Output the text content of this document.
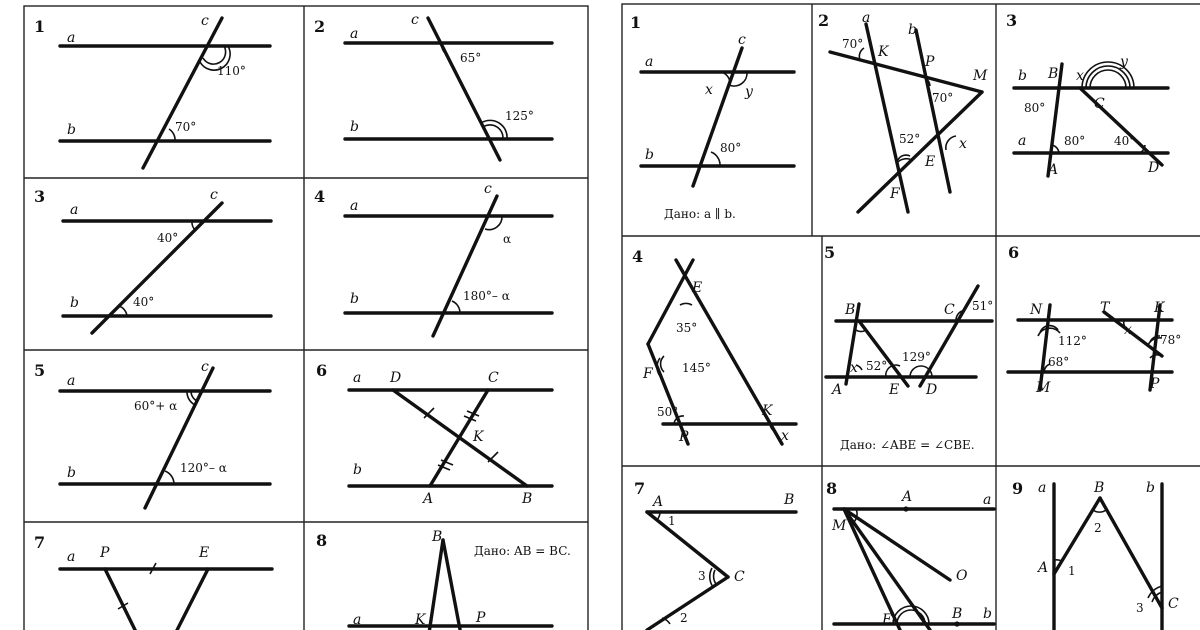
1
a
b
c
110°
70°
2 a
b
c
65°
125°
3
a
b
c
40°
40°
4 a
b
c
α
180°– α
5
a
b
c
60°+ α
120°– α
6 a
b
D	C
K
A	B
7
a P	E
8	B
K	P
a
Дано: AB = BC.
1
a
b
c
x y
80°
Дано: a ∥ b.
2 a
b
K
P
M
E
F
x
70°
70°
52°
3
b B x
y
C
a
A	D
80°
80° 40°
4
E
F
P
K
x
35°
145°
50°
5
B	C
A	E D
x
51°
52°
129°
Дано: ∠ABE = ∠CBE.
6
N	T	K
M	P
x
112°	78°
68°
7
A	B
C
1
3
2
8	A	a
M
O
E	B b
9 a	B	b
A
C
1
2
3
